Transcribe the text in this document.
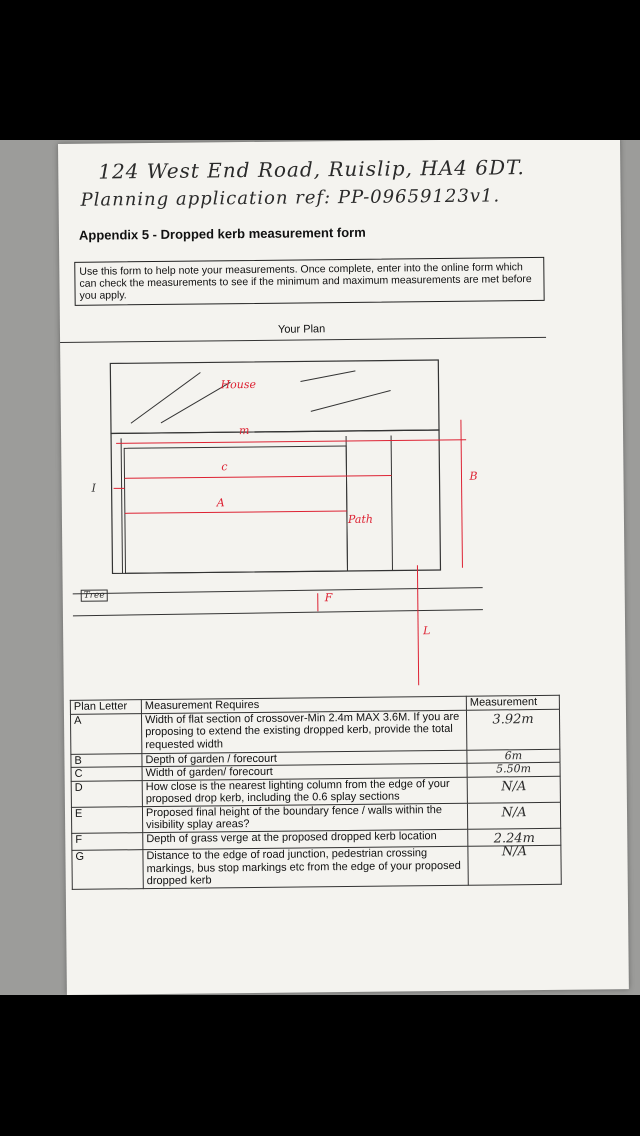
124 West End Road, Ruislip, HA4 6DT.
Planning application ref: PP-09659123v1.
Appendix 5 - Dropped kerb measurement form
Use this form to help note your measurements. Once complete, enter into the online form which can check the measurements to see if the minimum and maximum measurements are met before you apply.
Your Plan
House
m
c
A
Path
B
I
Tree	F
L
Plan Letter	Measurement Requires	Measurement
A	Width of flat section of crossover-Min 2.4m MAX 3.6M. If you are proposing to extend the existing dropped kerb, provide the total requested width	3.92m
B	Depth of garden / forecourt	6m
C	Width of garden/ forecourt	5.50m
D	How close is the nearest lighting column from the edge of your proposed drop kerb, including the 0.6 splay sections	N/A
E	Proposed final height of the boundary fence / walls within the visibility splay areas?	N/A
F	Depth of grass verge at the proposed dropped kerb location	2.24m
G	Distance to the edge of road junction, pedestrian crossing markings, bus stop markings etc from the edge of your proposed dropped kerb	N/A
